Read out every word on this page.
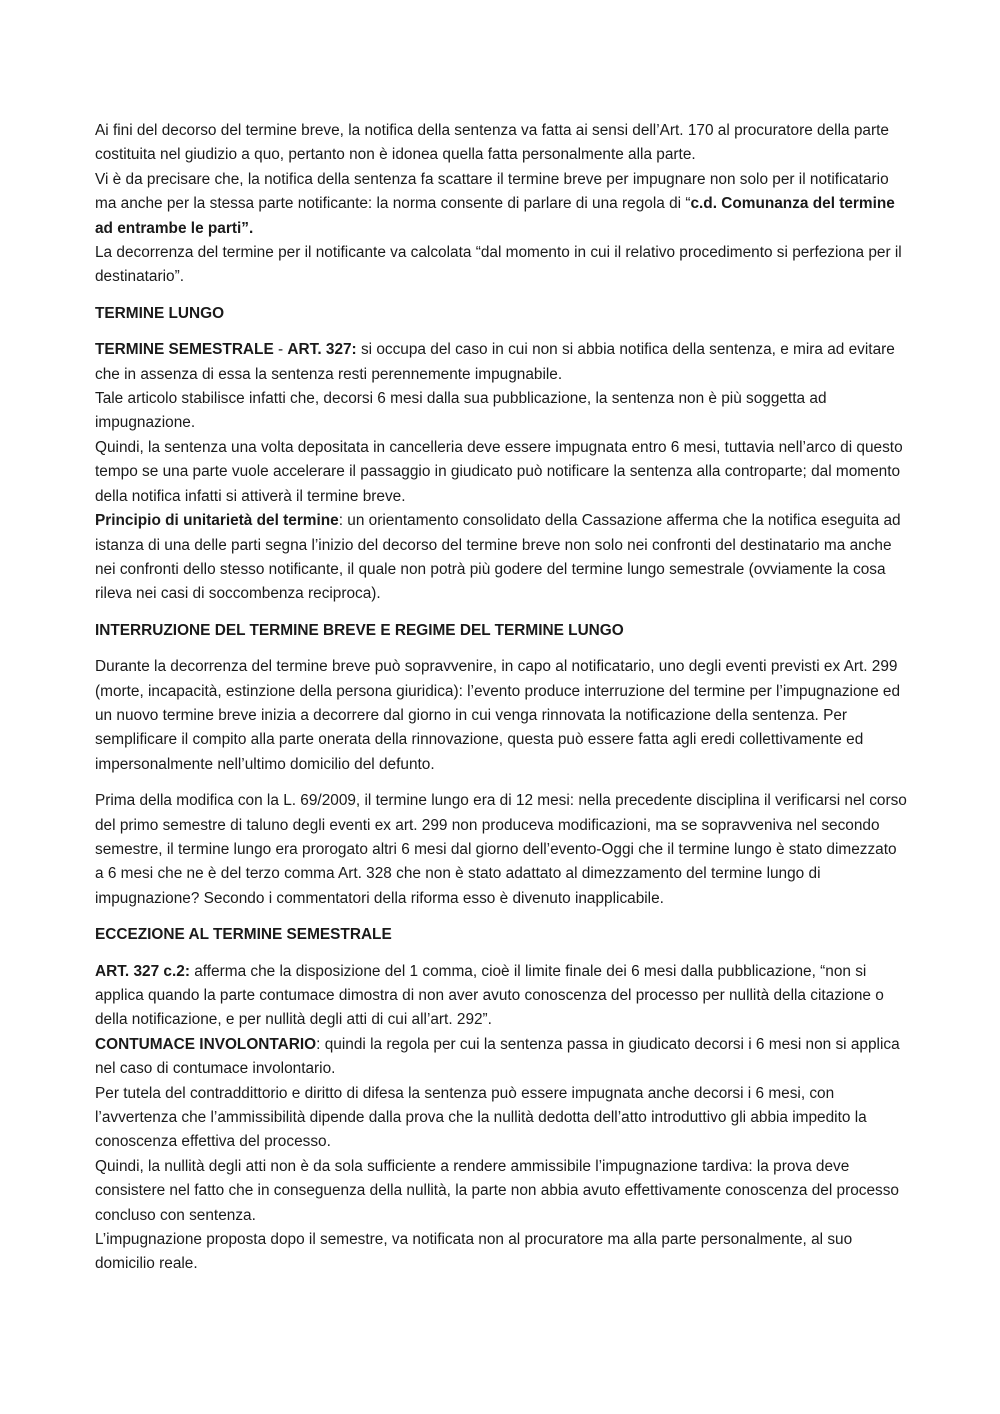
Ai fini del decorso del termine breve, la notifica della sentenza va fatta ai sensi dell’Art. 170 al procuratore della parte costituita nel giudizio a quo, pertanto non è idonea quella fatta personalmente alla parte.

Vi è da precisare che, la notifica della sentenza fa scattare il termine breve per impugnare non solo per il notificatario ma anche per la stessa parte notificante: la norma consente di parlare di una regola di “c.d. Comunanza del termine ad entrambe le parti”.

La decorrenza del termine per il notificante va calcolata “dal momento in cui il relativo procedimento si perfeziona per il destinatario”.

TERMINE LUNGO

TERMINE SEMESTRALE - ART. 327: si occupa del caso in cui non si abbia notifica della sentenza, e mira ad evitare che in assenza di essa la sentenza resti perennemente impugnabile.

Tale articolo stabilisce infatti che, decorsi 6 mesi dalla sua pubblicazione, la sentenza non è più soggetta ad impugnazione.

Quindi, la sentenza una volta depositata in cancelleria deve essere impugnata entro 6 mesi, tuttavia nell’arco di questo tempo se una parte vuole accelerare il passaggio in giudicato può notificare la sentenza alla controparte; dal momento della notifica infatti si attiverà il termine breve.

Principio di unitarietà del termine: un orientamento consolidato della Cassazione afferma che la notifica eseguita ad istanza di una delle parti segna l’inizio del decorso del termine breve non solo nei confronti del destinatario ma anche nei confronti dello stesso notificante, il quale non potrà più godere del termine lungo semestrale (ovviamente la cosa rileva nei casi di soccombenza reciproca).

INTERRUZIONE DEL TERMINE BREVE E REGIME DEL TERMINE LUNGO

Durante la decorrenza del termine breve può sopravvenire, in capo al notificatario, uno degli eventi previsti ex Art. 299 (morte, incapacità, estinzione della persona giuridica): l’evento produce interruzione del termine per l’impugnazione ed un nuovo termine breve inizia a decorrere dal giorno in cui venga rinnovata la notificazione della sentenza. Per semplificare il compito alla parte onerata della rinnovazione, questa può essere fatta agli eredi collettivamente ed impersonalmente nell’ultimo domicilio del defunto.

Prima della modifica con la L. 69/2009, il termine lungo era di 12 mesi: nella precedente disciplina il verificarsi nel corso del primo semestre di taluno degli eventi ex art. 299 non produceva modificazioni, ma se sopravveniva nel secondo semestre, il termine lungo era prorogato altri 6 mesi dal giorno dell’evento-Oggi che il termine lungo è stato dimezzato a 6 mesi che ne è del terzo comma Art. 328 che non è stato adattato al dimezzamento del termine lungo di impugnazione? Secondo i commentatori della riforma esso è divenuto inapplicabile.

ECCEZIONE AL TERMINE SEMESTRALE

ART. 327 c.2: afferma che la disposizione del 1 comma, cioè il limite finale dei 6 mesi dalla pubblicazione, “non si applica quando la parte contumace dimostra di non aver avuto conoscenza del processo per nullità della citazione o della notificazione, e per nullità degli atti di cui all’art. 292”.

CONTUMACE INVOLONTARIO: quindi la regola per cui la sentenza passa in giudicato decorsi i 6 mesi non si applica nel caso di contumace involontario.

Per tutela del contraddittorio e diritto di difesa la sentenza può essere impugnata anche decorsi i 6 mesi, con l’avvertenza che l’ammissibilità dipende dalla prova che la nullità dedotta dell’atto introduttivo gli abbia impedito la conoscenza effettiva del processo.

Quindi, la nullità degli atti non è da sola sufficiente a rendere ammissibile l’impugnazione tardiva: la prova deve consistere nel fatto che in conseguenza della nullità, la parte non abbia avuto effettivamente conoscenza del processo concluso con sentenza.

L’impugnazione proposta dopo il semestre, va notificata non al procuratore ma alla parte personalmente, al suo domicilio reale.
